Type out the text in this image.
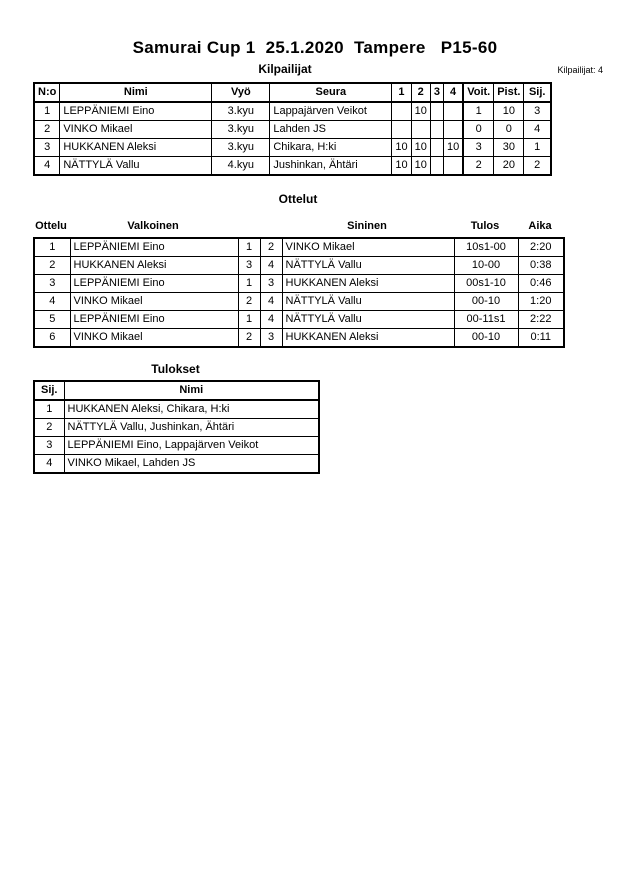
Samurai Cup 1  25.1.2020  Tampere   P15-60
Kilpailijat	Kilpailijat: 4
N:o	Nimi	Vyö	Seura	1	2	3	4	Voit.	Pist.	Sij.
1	LEPPÄNIEMI Eino	3.kyu	Lappajärven Veikot		10			1	10	3
2	VINKO Mikael	3.kyu	Lahden JS					0	0	4
3	HUKKANEN Aleksi	3.kyu	Chikara, H:ki	10	10		10	3	30	1
4	NÄTTYLÄ Vallu	4.kyu	Jushinkan, Ähtäri	10	10			2	20	2
Ottelut
Ottelu	Valkoinen	Sininen	Tulos	Aika
1	LEPPÄNIEMI Eino	1	2	VINKO Mikael	10s1-00	2:20
2	HUKKANEN Aleksi	3	4	NÄTTYLÄ Vallu	10-00	0:38
3	LEPPÄNIEMI Eino	1	3	HUKKANEN Aleksi	00s1-10	0:46
4	VINKO Mikael	2	4	NÄTTYLÄ Vallu	00-10	1:20
5	LEPPÄNIEMI Eino	1	4	NÄTTYLÄ Vallu	00-11s1	2:22
6	VINKO Mikael	2	3	HUKKANEN Aleksi	00-10	0:11
Tulokset
Sij.	Nimi
1	HUKKANEN Aleksi, Chikara, H:ki
2	NÄTTYLÄ Vallu, Jushinkan, Ähtäri
3	LEPPÄNIEMI Eino, Lappajärven Veikot
4	VINKO Mikael, Lahden JS
